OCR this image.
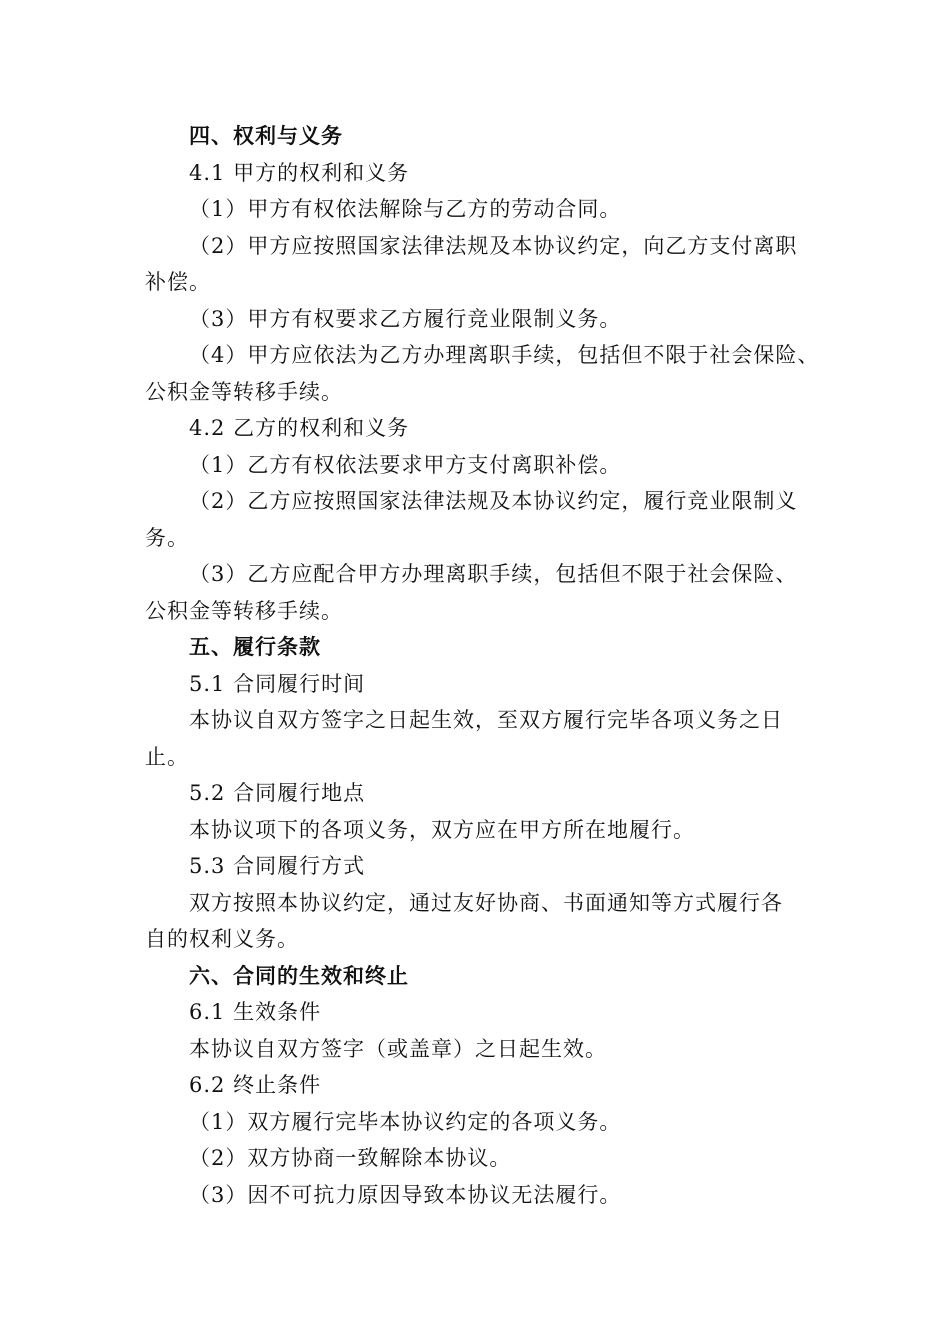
四、权利与义务
4.1 甲方的权利和义务
（1）甲方有权依法解除与乙方的劳动合同。
（2）甲方应按照国家法律法规及本协议约定，向乙方支付离职
补偿。
（3）甲方有权要求乙方履行竞业限制义务。
（4）甲方应依法为乙方办理离职手续，包括但不限于社会保险、
公积金等转移手续。
4.2 乙方的权利和义务
（1）乙方有权依法要求甲方支付离职补偿。
（2）乙方应按照国家法律法规及本协议约定，履行竞业限制义
务。
（3）乙方应配合甲方办理离职手续，包括但不限于社会保险、
公积金等转移手续。
五、履行条款
5.1 合同履行时间
本协议自双方签字之日起生效，至双方履行完毕各项义务之日
止。
5.2 合同履行地点
本协议项下的各项义务，双方应在甲方所在地履行。
5.3 合同履行方式
双方按照本协议约定，通过友好协商、书面通知等方式履行各
自的权利义务。
六、合同的生效和终止
6.1 生效条件
本协议自双方签字（或盖章）之日起生效。
6.2 终止条件
（1）双方履行完毕本协议约定的各项义务。
（2）双方协商一致解除本协议。
（3）因不可抗力原因导致本协议无法履行。
